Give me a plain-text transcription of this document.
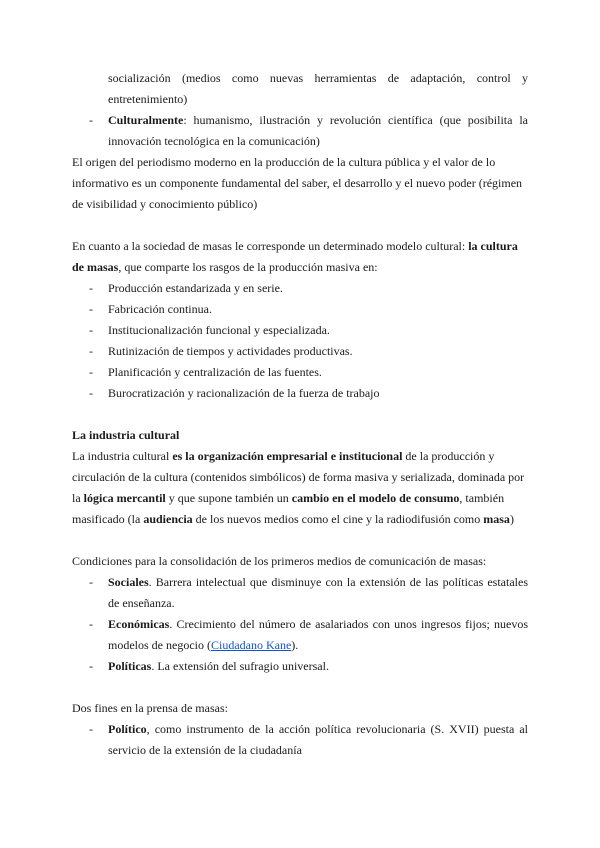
socialización (medios como nuevas herramientas de adaptación, control y

entretenimiento)

- Culturalmente: humanismo, ilustración y revolución científica (que posibilita la innovación tecnológica en la comunicación)

El origen del periodismo moderno en la producción de la cultura pública y el valor de lo informativo es un componente fundamental del saber, el desarrollo y el nuevo poder (régimen de visibilidad y conocimiento público)

En cuanto a la sociedad de masas le corresponde un determinado modelo cultural: la cultura de masas, que comparte los rasgos de la producción masiva en:

- Producción estandarizada y en serie.
- Fabricación continua.
- Institucionalización funcional y especializada.
- Rutinización de tiempos y actividades productivas.
- Planificación y centralización de las fuentes.
- Burocratización y racionalización de la fuerza de trabajo

La industria cultural

La industria cultural es la organización empresarial e institucional de la producción y circulación de la cultura (contenidos simbólicos) de forma masiva y serializada, dominada por la lógica mercantil y que supone también un cambio en el modelo de consumo, también masificado (la audiencia de los nuevos medios como el cine y la radiodifusión como masa)

Condiciones para la consolidación de los primeros medios de comunicación de masas:

- Sociales. Barrera intelectual que disminuye con la extensión de las políticas estatales de enseñanza.
- Económicas. Crecimiento del número de asalariados con unos ingresos fijos; nuevos modelos de negocio (Ciudadano Kane).
- Políticas. La extensión del sufragio universal.

Dos fines en la prensa de masas:

- Político, como instrumento de la acción política revolucionaria (S. XVII) puesta al servicio de la extensión de la ciudadanía
